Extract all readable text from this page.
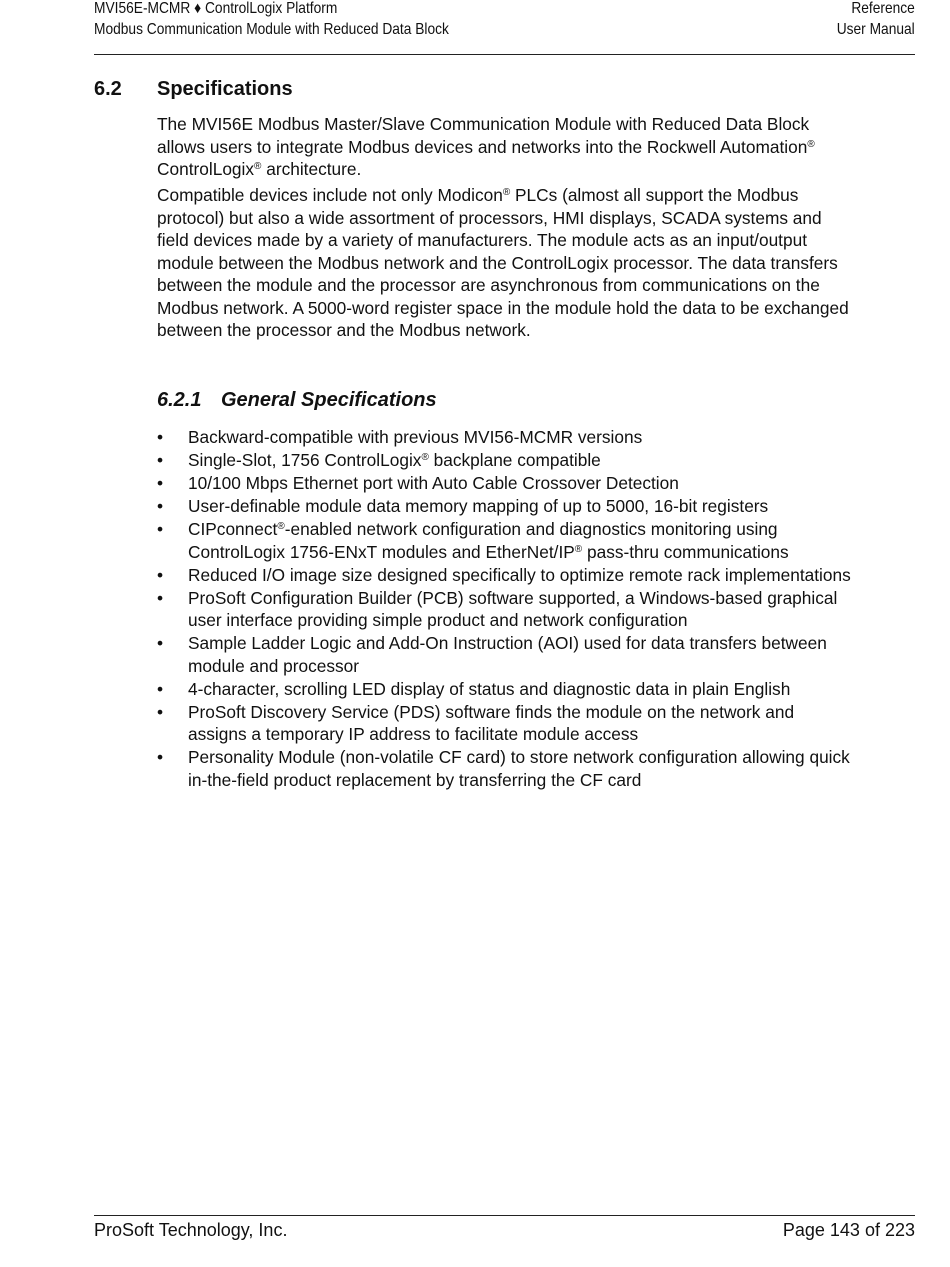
MVI56E-MCMR ♦ ControlLogix Platform
Modbus Communication Module with Reduced Data Block
Reference
User Manual
6.2 Specifications
The MVI56E Modbus Master/Slave Communication Module with Reduced Data Block allows users to integrate Modbus devices and networks into the Rockwell Automation® ControlLogix® architecture.
Compatible devices include not only Modicon® PLCs (almost all support the Modbus protocol) but also a wide assortment of processors, HMI displays, SCADA systems and field devices made by a variety of manufacturers. The module acts as an input/output module between the Modbus network and the ControlLogix processor. The data transfers between the module and the processor are asynchronous from communications on the Modbus network. A 5000-word register space in the module hold the data to be exchanged between the processor and the Modbus network.
6.2.1 General Specifications
• Backward-compatible with previous MVI56-MCMR versions
• Single-Slot, 1756 ControlLogix® backplane compatible
• 10/100 Mbps Ethernet port with Auto Cable Crossover Detection
• User-definable module data memory mapping of up to 5000, 16-bit registers
• CIPconnect®-enabled network configuration and diagnostics monitoring using ControlLogix 1756-ENxT modules and EtherNet/IP® pass-thru communications
• Reduced I/O image size designed specifically to optimize remote rack implementations
• ProSoft Configuration Builder (PCB) software supported, a Windows-based graphical user interface providing simple product and network configuration
• Sample Ladder Logic and Add-On Instruction (AOI) used for data transfers between module and processor
• 4-character, scrolling LED display of status and diagnostic data in plain English
• ProSoft Discovery Service (PDS) software finds the module on the network and assigns a temporary IP address to facilitate module access
• Personality Module (non-volatile CF card) to store network configuration allowing quick in-the-field product replacement by transferring the CF card
ProSoft Technology, Inc.	Page 143 of 223
